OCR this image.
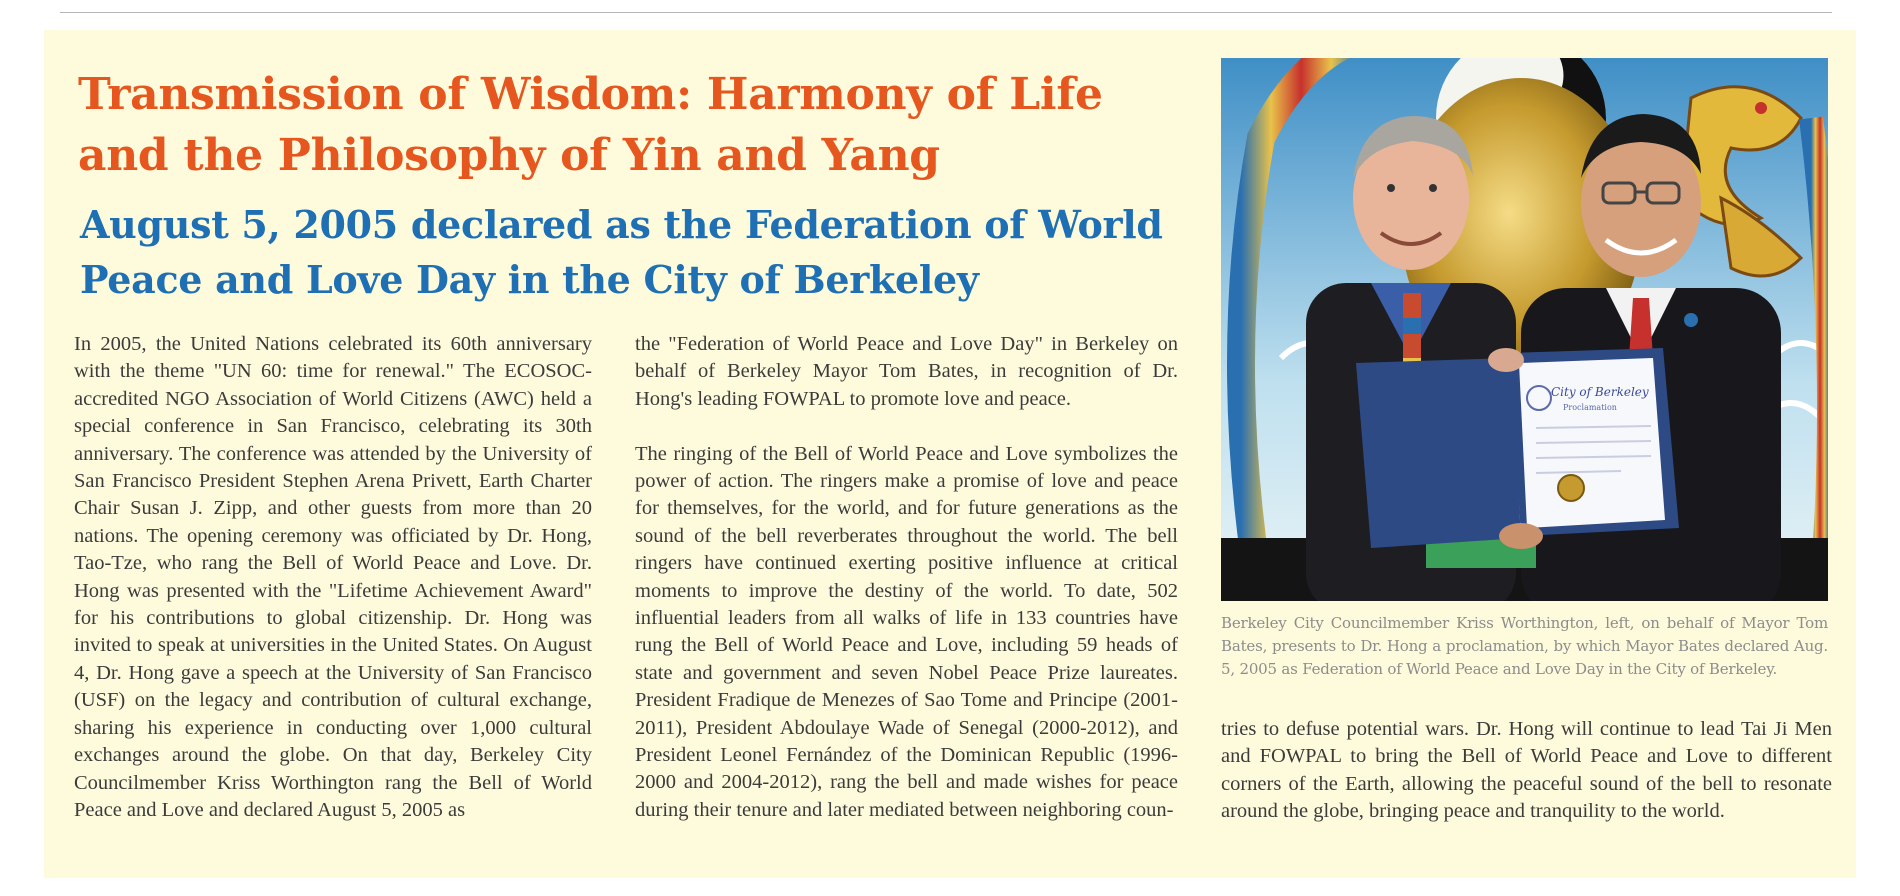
Transmission of Wisdom: Harmony of Life and the Philosophy of Yin and Yang
August 5, 2005 declared as the Federation of World Peace and Love Day in the City of Berkeley

In 2005, the United Nations celebrated its 60th anniversary with the theme "UN 60: time for renewal." The ECOSOC-accredited NGO Association of World Citizens (AWC) held a special conference in San Francisco, celebrating its 30th anniversary. The conference was attended by the University of San Francisco President Stephen Arena Privett, Earth Charter Chair Susan J. Zipp, and other guests from more than 20 nations. The opening ceremony was officiated by Dr. Hong, Tao-Tze, who rang the Bell of World Peace and Love. Dr. Hong was presented with the "Lifetime Achievement Award" for his contributions to global citizenship. Dr. Hong was invited to speak at universities in the United States. On August 4, Dr. Hong gave a speech at the University of San Francisco (USF) on the legacy and contribution of cultural exchange, sharing his experience in conducting over 1,000 cultural exchanges around the globe. On that day, Berkeley City Councilmember Kriss Worthington rang the Bell of World Peace and Love and declared August 5, 2005 as

the "Federation of World Peace and Love Day" in Berkeley on behalf of Berkeley Mayor Tom Bates, in recognition of Dr. Hong's leading FOWPAL to promote love and peace.

The ringing of the Bell of World Peace and Love symbolizes the power of action. The ringers make a promise of love and peace for themselves, for the world, and for future generations as the sound of the bell reverberates throughout the world. The bell ringers have continued exerting positive influence at critical moments to improve the destiny of the world. To date, 502 influential leaders from all walks of life in 133 countries have rung the Bell of World Peace and Love, including 59 heads of state and government and seven Nobel Peace Prize laureates. President Fradique de Menezes of Sao Tome and Principe (2001-2011), President Abdoulaye Wade of Senegal (2000-2012), and President Leonel Fernández of the Dominican Republic (1996-2000 and 2004-2012), rang the bell and made wishes for peace during their tenure and later mediated between neighboring coun-

City of Berkeley
Proclamation

Berkeley City Councilmember Kriss Worthington, left, on behalf of Mayor Tom Bates, presents to Dr. Hong a proclamation, by which Mayor Bates declared Aug. 5, 2005 as Federation of World Peace and Love Day in the City of Berkeley.

tries to defuse potential wars. Dr. Hong will continue to lead Tai Ji Men and FOWPAL to bring the Bell of World Peace and Love to different corners of the Earth, allowing the peaceful sound of the bell to resonate around the globe, bringing peace and tranquility to the world.
